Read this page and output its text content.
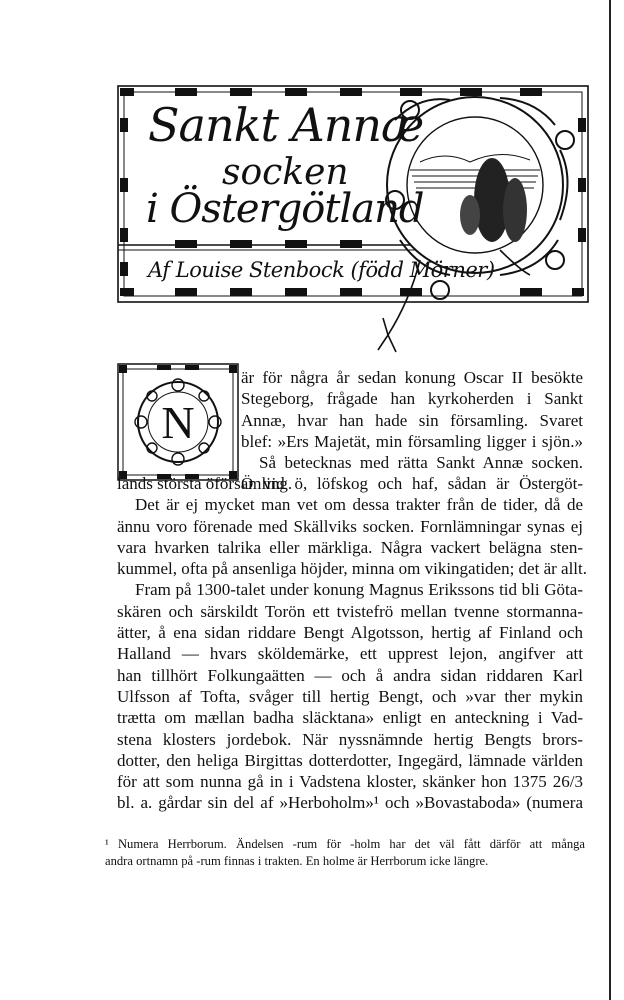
Sankt Annæ
socken
i Östergötland
Af Louise Stenbock (född Mörner)
N
är för några år sedan konung Oscar II besökte
Stegeborg, frågade han kyrkoherden i Sankt
Annæ, hvar han hade sin församling. Svaret
blef: »Ers Majetät, min församling ligger i sjön.»
Så betecknas med rätta Sankt Annæ socken.
Ö vid ö, löfskog och haf, sådan är Östergöt-
lands största öförsamling.
Det är ej mycket man vet om dessa trakter från de tider, då de
ännu voro förenade med Skällviks socken. Fornlämningar synas ej
vara hvarken talrika eller märkliga. Några vackert belägna sten-
kummel, ofta på ansenliga höjder, minna om vikingatiden; det är allt.
Fram på 1300-talet under konung Magnus Erikssons tid bli Göta-
skären och särskildt Torön ett tvistefrö mellan tvenne stormanna-
ätter, å ena sidan riddare Bengt Algotsson, hertig af Finland och
Halland — hvars sköldemärke, ett upprest lejon, angifver att
han tillhört Folkungaätten — och å andra sidan riddaren Karl
Ulfsson af Tofta, svåger till hertig Bengt, och »var ther mykin
trætta om mællan badha släcktana» enligt en anteckning i Vad-
stena klosters jordebok. När nyssnämnde hertig Bengts brors-
dotter, den heliga Birgittas dotterdotter, Ingegärd, lämnade världen
för att som nunna gå in i Vadstena kloster, skänker hon 1375 26/3
bl. a. gårdar sin del af »Herboholm»¹ och »Bovastaboda» (numera
¹ Numera Herrborum. Ändelsen -rum för -holm har det väl fått därför att många
andra ortnamn på -rum finnas i trakten. En holme är Herrborum icke längre.
